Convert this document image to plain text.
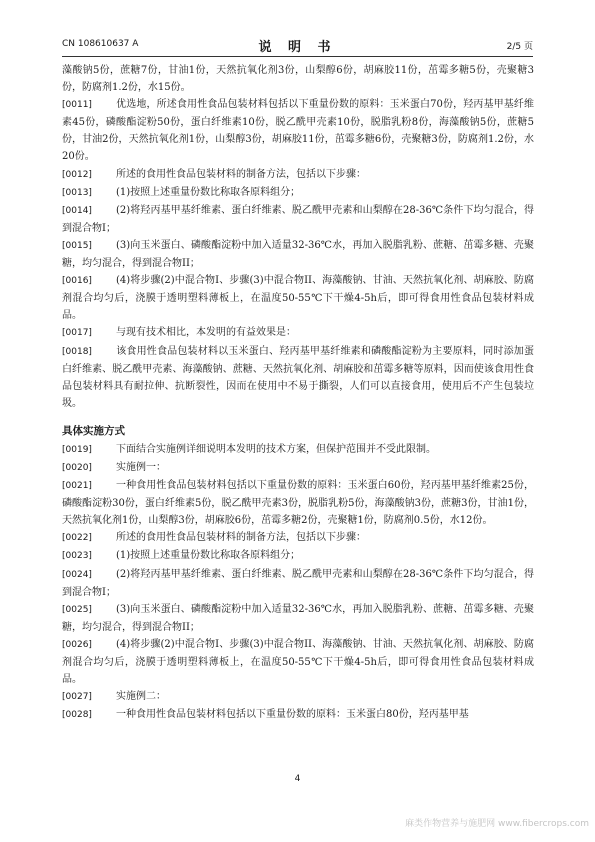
CN 108610637 A	说 明 书	2/5 页

藻酸钠5份，蔗糖7份，甘油1份，天然抗氧化剂3份，山梨醇6份，胡麻胶11份，茁霉多糖5份，壳聚糖3份，防腐剂1.2份，水15份。

[0011] 优选地，所述食用性食品包装材料包括以下重量份数的原料：玉米蛋白70份，羟丙基甲基纤维素45份，磷酸酯淀粉50份，蛋白纤维素10份，脱乙酰甲壳素10份，脱脂乳粉8份，海藻酸钠5份，蔗糖5份，甘油2份，天然抗氧化剂1份，山梨醇3份，胡麻胶11份，茁霉多糖6份，壳聚糖3份，防腐剂1.2份，水20份。

[0012] 所述的食用性食品包装材料的制备方法，包括以下步骤：

[0013] (1)按照上述重量份数比称取各原料组分；

[0014] (2)将羟丙基甲基纤维素、蛋白纤维素、脱乙酰甲壳素和山梨醇在28-36℃条件下均匀混合，得到混合物I；

[0015] (3)向玉米蛋白、磷酸酯淀粉中加入适量32-36℃水，再加入脱脂乳粉、蔗糖、茁霉多糖、壳聚糖，均匀混合，得到混合物II；

[0016] (4)将步骤(2)中混合物I、步骤(3)中混合物II、海藻酸钠、甘油、天然抗氧化剂、胡麻胶、防腐剂混合均匀后，浇膜于透明塑料薄板上，在温度50-55℃下干燥4-5h后，即可得食用性食品包装材料成品。

[0017] 与现有技术相比，本发明的有益效果是：

[0018] 该食用性食品包装材料以玉米蛋白、羟丙基甲基纤维素和磷酸酯淀粉为主要原料，同时添加蛋白纤维素、脱乙酰甲壳素、海藻酸钠、蔗糖、天然抗氧化剂、胡麻胶和茁霉多糖等原料，因而使该食用性食品包装材料具有耐拉伸、抗断裂性，因而在使用中不易于撕裂，人们可以直接食用，使用后不产生包装垃圾。

具体实施方式

[0019] 下面结合实施例详细说明本发明的技术方案，但保护范围并不受此限制。

[0020] 实施例一：

[0021] 一种食用性食品包装材料包括以下重量份数的原料：玉米蛋白60份，羟丙基甲基纤维素25份，磷酸酯淀粉30份，蛋白纤维素5份，脱乙酰甲壳素3份，脱脂乳粉5份，海藻酸钠3份，蔗糖3份，甘油1份，天然抗氧化剂1份，山梨醇3份，胡麻胶6份，茁霉多糖2份，壳聚糖1份，防腐剂0.5份，水12份。

[0022] 所述的食用性食品包装材料的制备方法，包括以下步骤：

[0023] (1)按照上述重量份数比称取各原料组分；

[0024] (2)将羟丙基甲基纤维素、蛋白纤维素、脱乙酰甲壳素和山梨醇在28-36℃条件下均匀混合，得到混合物I；

[0025] (3)向玉米蛋白、磷酸酯淀粉中加入适量32-36℃水，再加入脱脂乳粉、蔗糖、茁霉多糖、壳聚糖，均匀混合，得到混合物II；

[0026] (4)将步骤(2)中混合物I、步骤(3)中混合物II、海藻酸钠、甘油、天然抗氧化剂、胡麻胶、防腐剂混合均匀后，浇膜于透明塑料薄板上，在温度50-55℃下干燥4-5h后，即可得食用性食品包装材料成品。

[0027] 实施例二：

[0028] 一种食用性食品包装材料包括以下重量份数的原料：玉米蛋白80份，羟丙基甲基

4
麻类作物营养与施肥网 www.fibercrops.com
